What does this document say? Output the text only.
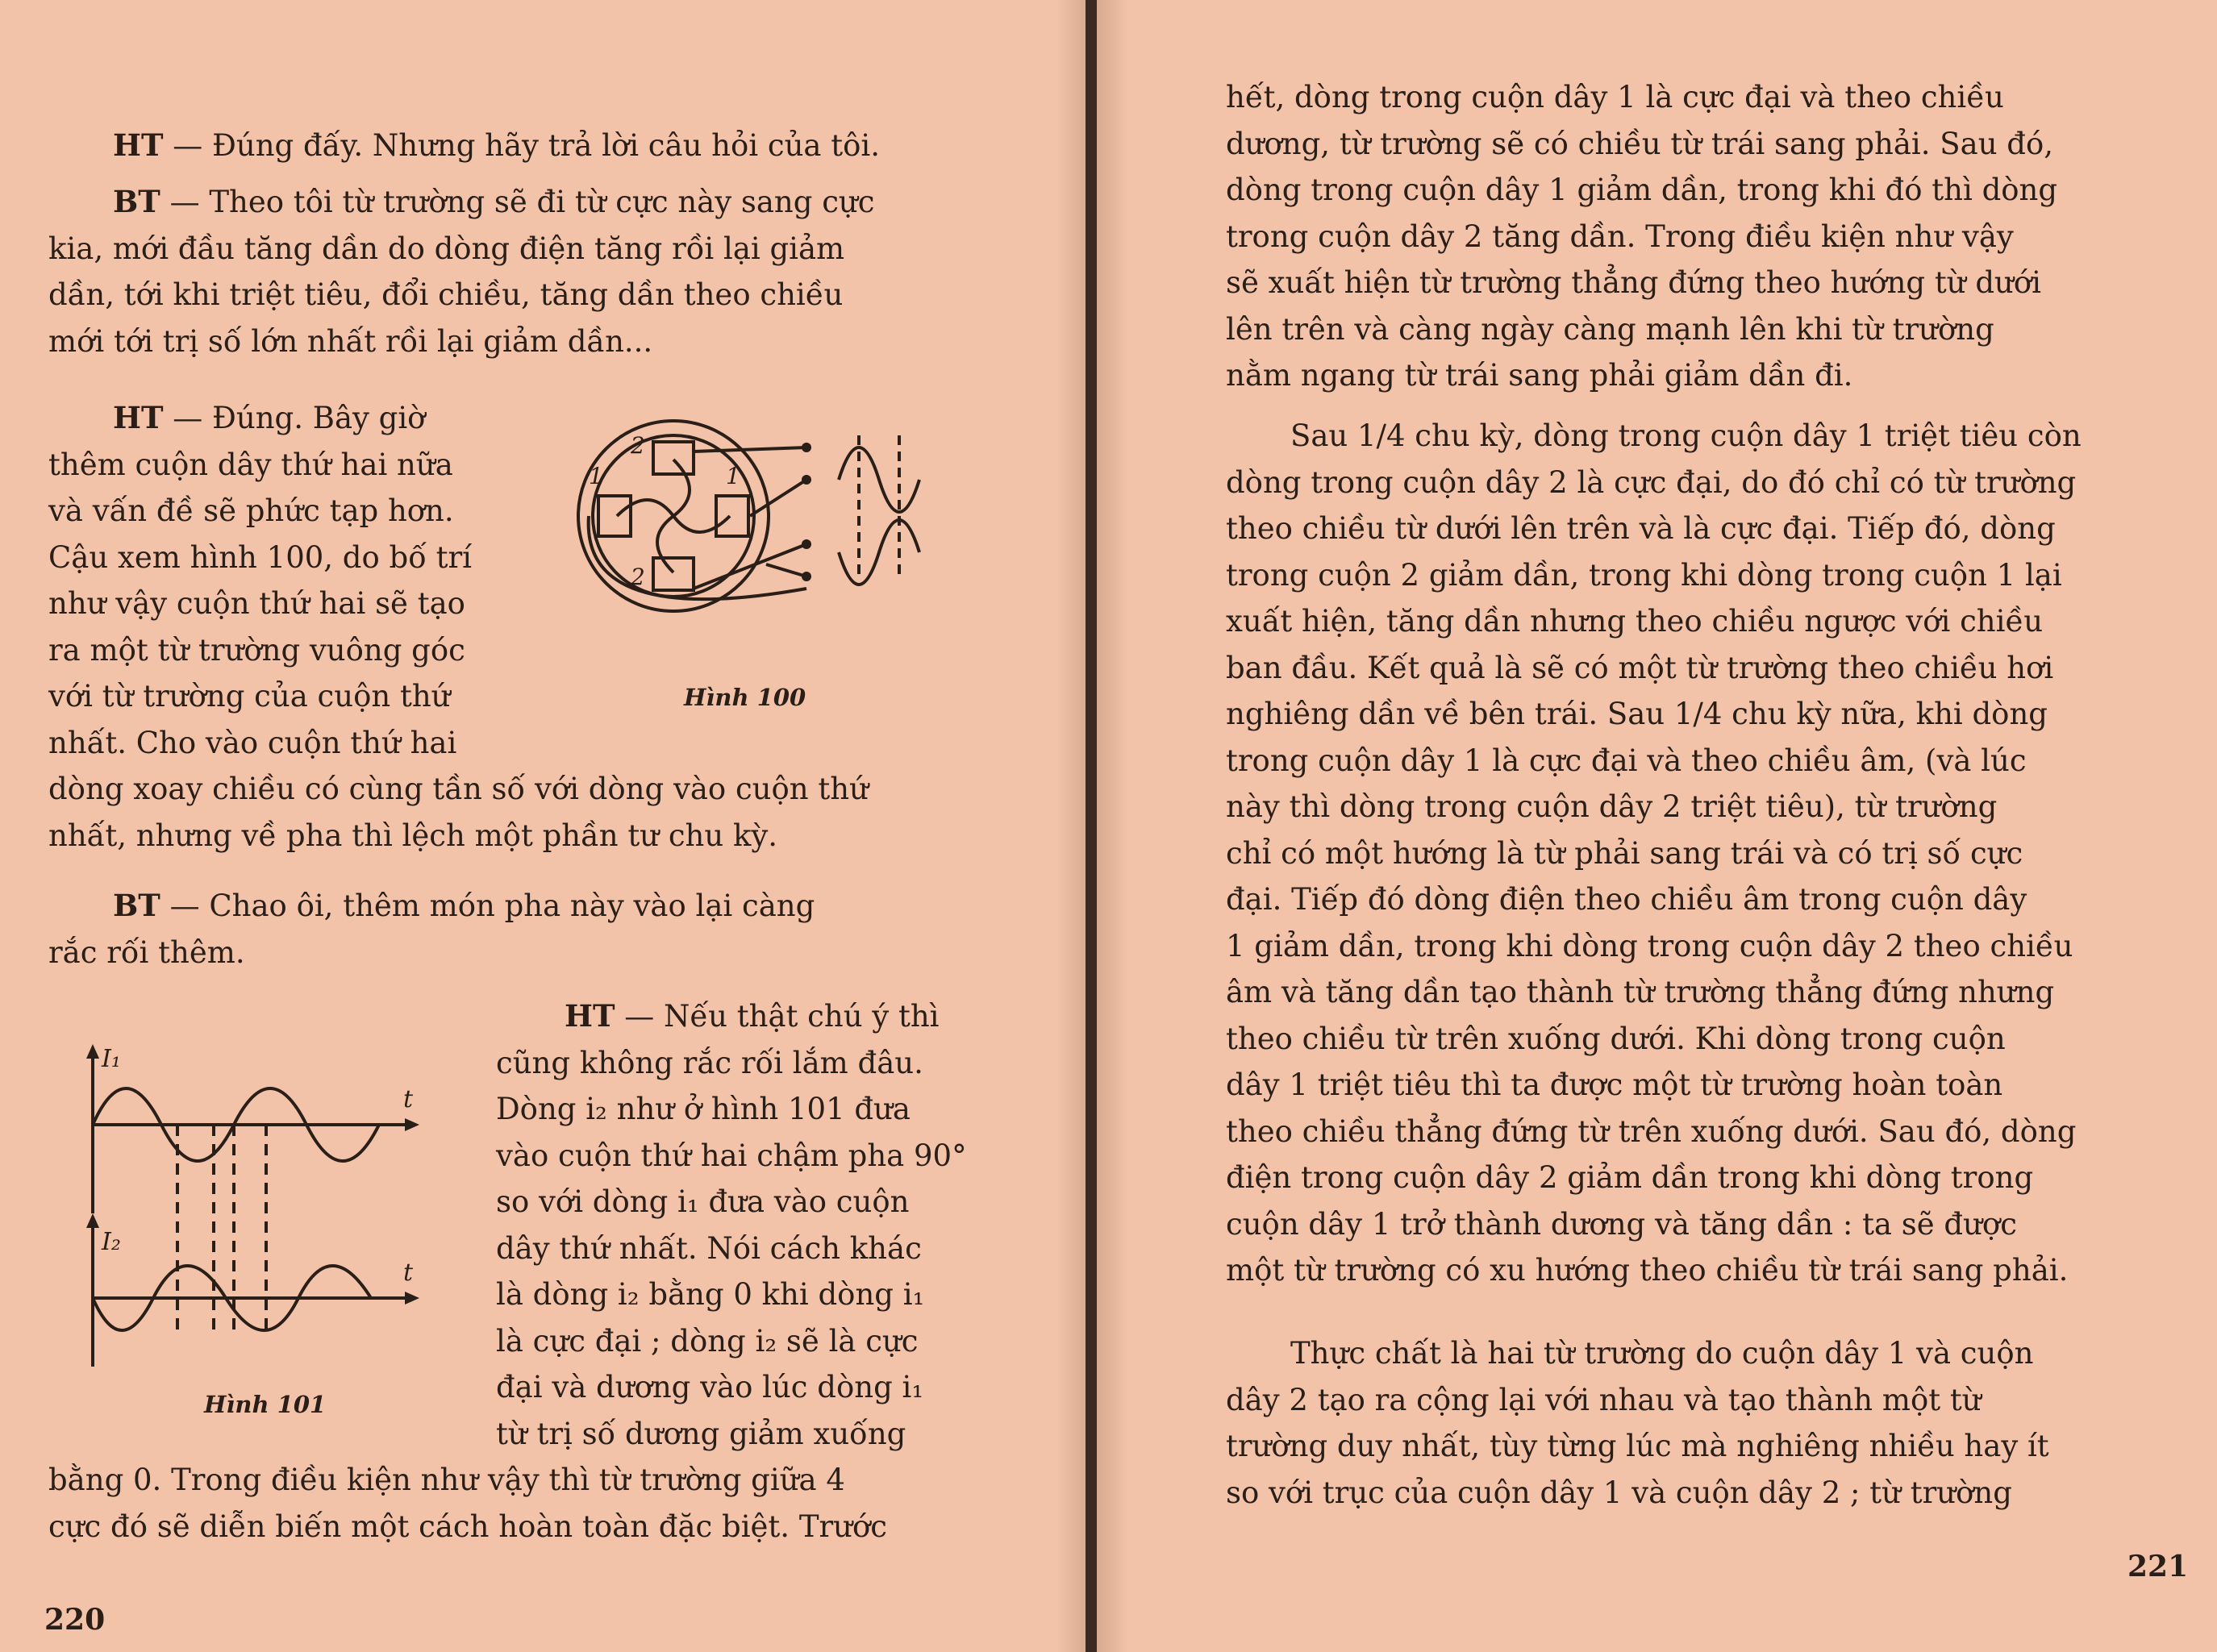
HT — Đúng đấy. Nhưng hãy trả lời câu hỏi của tôi.

BT — Theo tôi từ trường sẽ đi từ cực này sang cực

kia, mới đầu tăng dần do dòng điện tăng rồi lại giảm

dần, tới khi triệt tiêu, đổi chiều, tăng dần theo chiều

mới tới trị số lớn nhất rồi lại giảm dần...

HT — Đúng. Bây giờ

thêm cuộn dây thứ hai nữa

và vấn đề sẽ phức tạp hơn.

Cậu xem hình 100, do bố trí

như vậy cuộn thứ hai sẽ tạo

ra một từ trường vuông góc

với từ trường của cuộn thứ

nhất. Cho vào cuộn thứ hai

dòng xoay chiều có cùng tần số với dòng vào cuộn thứ

nhất, nhưng về pha thì lệch một phần tư chu kỳ.

2
1	1
2
Hình 100

BT — Chao ôi, thêm món pha này vào lại càng

rắc rối thêm.

I₁
I₂
t
t
Hình 101

HT — Nếu thật chú ý thì

cũng không rắc rối lắm đâu.

Dòng i₂ như ở hình 101 đưa

vào cuộn thứ hai chậm pha 90°

so với dòng i₁ đưa vào cuộn

dây thứ nhất. Nói cách khác

là dòng i₂ bằng 0 khi dòng i₁

là cực đại ; dòng i₂ sẽ là cực

đại và dương vào lúc dòng i₁

từ trị số dương giảm xuống

bằng 0. Trong điều kiện như vậy thì từ trường giữa 4

cực đó sẽ diễn biến một cách hoàn toàn đặc biệt. Trước

220

hết, dòng trong cuộn dây 1 là cực đại và theo chiều

dương, từ trường sẽ có chiều từ trái sang phải. Sau đó,

dòng trong cuộn dây 1 giảm dần, trong khi đó thì dòng

trong cuộn dây 2 tăng dần. Trong điều kiện như vậy

sẽ xuất hiện từ trường thẳng đứng theo hướng từ dưới

lên trên và càng ngày càng mạnh lên khi từ trường

nằm ngang từ trái sang phải giảm dần đi.

Sau 1/4 chu kỳ, dòng trong cuộn dây 1 triệt tiêu còn

dòng trong cuộn dây 2 là cực đại, do đó chỉ có từ trường

theo chiều từ dưới lên trên và là cực đại. Tiếp đó, dòng

trong cuộn 2 giảm dần, trong khi dòng trong cuộn 1 lại

xuất hiện, tăng dần nhưng theo chiều ngược với chiều

ban đầu. Kết quả là sẽ có một từ trường theo chiều hơi

nghiêng dần về bên trái. Sau 1/4 chu kỳ nữa, khi dòng

trong cuộn dây 1 là cực đại và theo chiều âm, (và lúc

này thì dòng trong cuộn dây 2 triệt tiêu), từ trường

chỉ có một hướng là từ phải sang trái và có trị số cực

đại. Tiếp đó dòng điện theo chiều âm trong cuộn dây

1 giảm dần, trong khi dòng trong cuộn dây 2 theo chiều

âm và tăng dần tạo thành từ trường thẳng đứng nhưng

theo chiều từ trên xuống dưới. Khi dòng trong cuộn

dây 1 triệt tiêu thì ta được một từ trường hoàn toàn

theo chiều thẳng đứng từ trên xuống dưới. Sau đó, dòng

điện trong cuộn dây 2 giảm dần trong khi dòng trong

cuộn dây 1 trở thành dương và tăng dần : ta sẽ được

một từ trường có xu hướng theo chiều từ trái sang phải.

Thực chất là hai từ trường do cuộn dây 1 và cuộn

dây 2 tạo ra cộng lại với nhau và tạo thành một từ

trường duy nhất, tùy từng lúc mà nghiêng nhiều hay ít

so với trục của cuộn dây 1 và cuộn dây 2 ; từ trường

221
